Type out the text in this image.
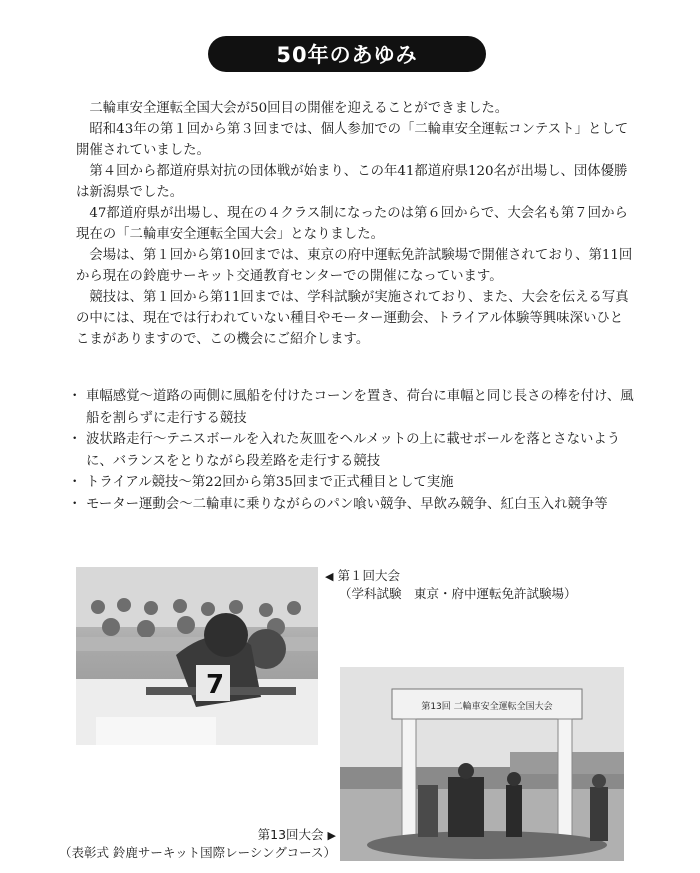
50年のあゆみ

二輪車安全運転全国大会が50回目の開催を迎えることができました。

昭和43年の第１回から第３回までは、個人参加での「二輪車安全運転コンテスト」として開催されていました。

第４回から都道府県対抗の団体戦が始まり、この年41都道府県120名が出場し、団体優勝は新潟県でした。

47都道府県が出場し、現在の４クラス制になったのは第６回からで、大会名も第７回から現在の「二輪車安全運転全国大会」となりました。

会場は、第１回から第10回までは、東京の府中運転免許試験場で開催されており、第11回から現在の鈴鹿サーキット交通教育センターでの開催になっています。

競技は、第１回から第11回までは、学科試験が実施されており、また、大会を伝える写真の中には、現在では行われていない種目やモーター運動会、トライアル体験等興味深いひとこまがありますので、この機会にご紹介します。

・ 車幅感覚～道路の両側に風船を付けたコーンを置き、荷台に車幅と同じ長さの棒を付け、風船を割らずに走行する競技
・ 波状路走行～テニスボールを入れた灰皿をヘルメットの上に載せボールを落とさないように、バランスをとりながら段差路を走行する競技
・ トライアル競技～第22回から第35回まで正式種目として実施
・ モーター運動会～二輪車に乗りながらのパン喰い競争、早飲み競争、紅白玉入れ競争等
7
◀ 第１回大会
（学科試験　東京・府中運転免許試験場）
第13回 二輪車安全運転全国大会
第13回大会 ▶
（表彰式 鈴鹿サーキット国際レーシングコース）
